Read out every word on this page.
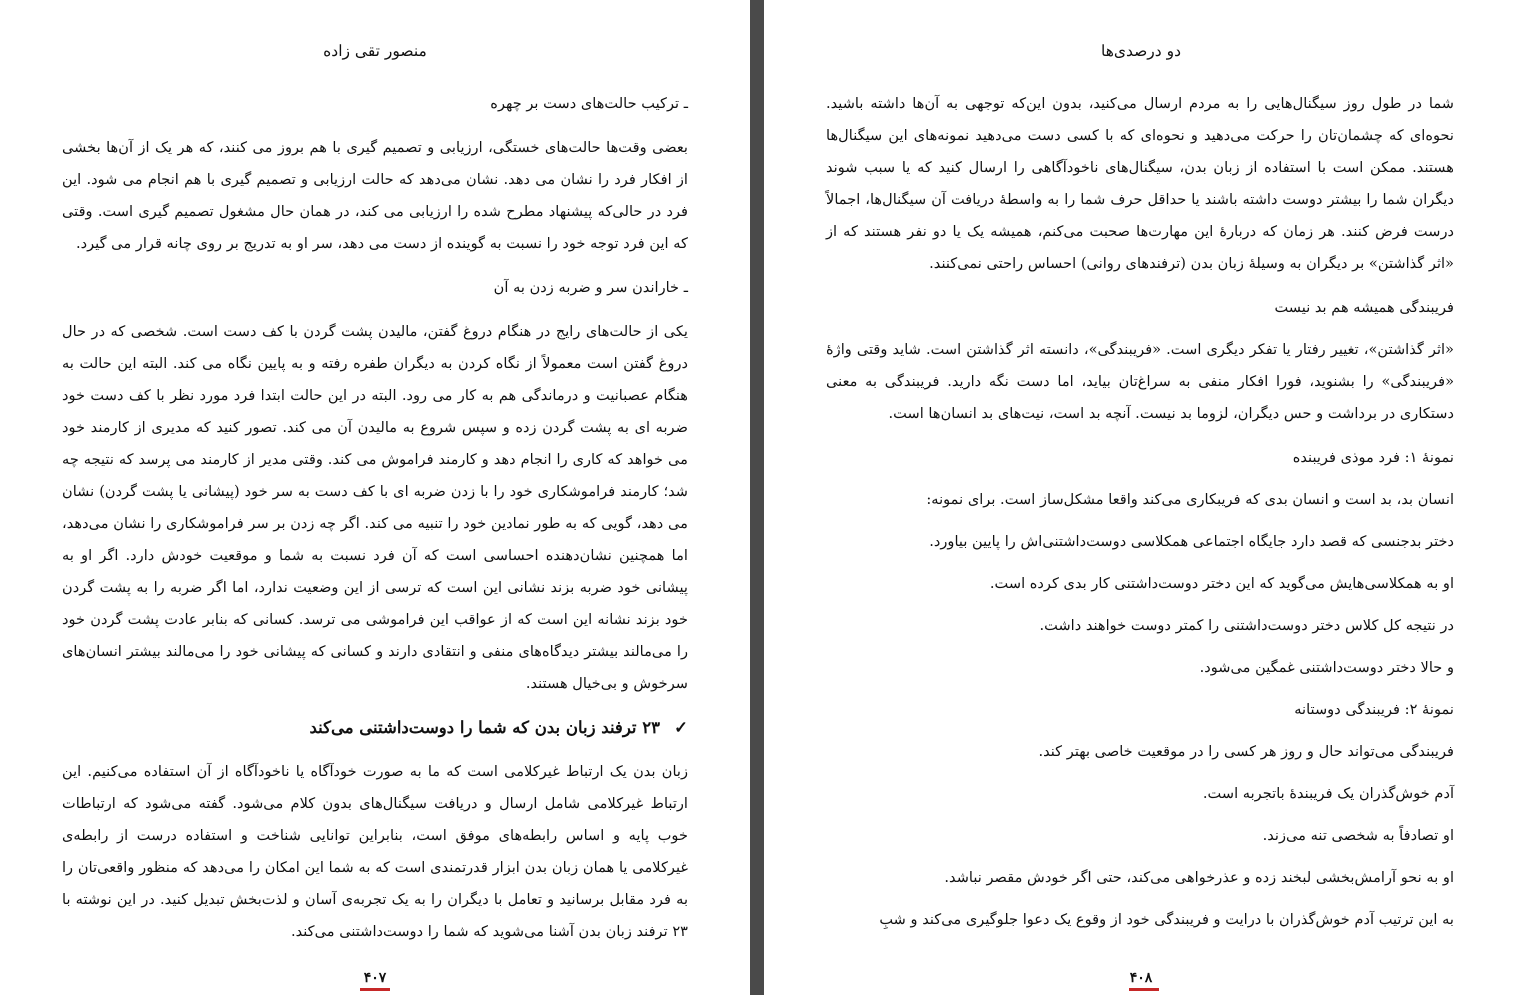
منصور تقی زاده

ـ ترکیب حالت‌های دست بر چهره

بعضی وقت‌ها حالت‌های خستگی، ارزیابی و تصمیم گیری با هم بروز می کنند، که هر یک از آن‌ها بخشی از افکار فرد را نشان می دهد. نشان می‌دهد که حالت ارزیابی و تصمیم گیری با هم انجام می شود. این فرد در حالی‌که پیشنهاد مطرح شده را ارزیابی می کند، در همان حال مشغول تصمیم گیری است. وقتی که این فرد توجه خود را نسبت به گوینده از دست می دهد، سر او به تدریج بر روی چانه قرار می گیرد.

ـ خاراندن سر و ضربه زدن به آن

یکی از حالت‌های رایج در هنگام دروغ گفتن، مالیدن پشت گردن با کف دست است. شخصی که در حال دروغ گفتن است معمولاً از نگاه کردن به دیگران طفره رفته و به پایین نگاه می کند. البته این حالت به هنگام عصبانیت و درماندگی هم به کار می رود. البته در این حالت ابتدا فرد مورد نظر با کف دست خود ضربه ای به پشت گردن زده و سپس شروع به مالیدن آن می کند. تصور کنید که مدیری از کارمند خود می خواهد که کاری را انجام دهد و کارمند فراموش می کند. وقتی مدیر از کارمند می پرسد که نتیجه چه شد؛ کارمند فراموشکاری خود را با زدن ضربه ای با کف دست به سر خود (پیشانی یا پشت گردن) نشان می دهد، گویی که به طور نمادین خود را تنبیه می کند. اگر چه زدن بر سر فراموشکاری را نشان می‌دهد، اما همچنین نشان‌دهنده احساسی است که آن فرد نسبت به شما و موقعیت خودش دارد. اگر او به پیشانی خود ضربه بزند نشانی این است که ترسی از این وضعیت ندارد، اما اگر ضربه را به پشت گردن خود بزند نشانه این است که از عواقب این فراموشی می ترسد. کسانی که بنابر عادت پشت گردن خود را می‌مالند بیشتر دیدگاه‌های منفی و انتقادی دارند و کسانی که پیشانی خود را می‌مالند بیشتر انسان‌های سرخوش و بی‌خیال هستند.

✓۲۳ ترفند زبان بدن که شما را دوست‌داشتنی می‌کند

زبان بدن یک ارتباط غیرکلامی است که ما به صورت خودآگاه یا ناخودآگاه از آن استفاده می‌کنیم. این ارتباط غیرکلامی شامل ارسال و دریافت سیگنال‌های بدون کلام می‌شود. گفته می‌شود که ارتباطات خوب پایه و اساس رابطه‌های موفق است، بنابراین توانایی شناخت و استفاده درست از رابطه‌ی غیرکلامی یا همان زبان بدن ابزار قدرتمندی است که به شما این امکان را می‌دهد که منظور واقعی‌تان را به فرد مقابل برسانید و تعامل با دیگران را به یک تجربه‌ی آسان و لذت‌بخش تبدیل کنید. در این نوشته با ۲۳ ترفند زبان بدن آشنا می‌شوید که شما را دوست‌داشتنی می‌کند.

۴۰۷
دو درصدی‌ها

شما در طول روز سیگنال‌هایی را به مردم ارسال می‌کنید، بدون این‌که توجهی به آن‌ها داشته باشید. نحوه‌ای که چشمان‌تان را حرکت می‌دهید و نحوه‌ای که با کسی دست می‌دهید نمونه‌های این سیگنال‌ها هستند. ممکن است با استفاده از زبان بدن، سیگنال‌های ناخودآگاهی را ارسال کنید که یا سبب شوند دیگران شما را بیشتر دوست داشته باشند یا حداقل حرف شما را به واسطهٔ دریافت آن سیگنال‌ها، اجمالاً درست فرض کنند. هر زمان که دربارهٔ این مهارت‌ها صحبت می‌کنم، همیشه یک یا دو نفر هستند که از «اثر گذاشتن» بر دیگران به وسیلهٔ زبان بدن (ترفندهای روانی) احساس راحتی نمی‌کنند.

فریبندگی همیشه هم بد نیست

«اثر گذاشتن»، تغییر رفتار یا تفکر دیگری است. «فریبندگی»، دانسته اثر گذاشتن است. شاید وقتی واژهٔ «فریبندگی» را بشنوید، فورا افکار منفی به سراغ‌تان بیاید، اما دست نگه دارید. فریبندگی به معنی دستکاری در برداشت و حس دیگران، لزوما بد نیست. آنچه بد است، نیت‌های بد انسان‌ها است.

نمونهٔ ۱: فرد موذی فریبنده

انسان بد، بد است و انسان بدی که فریبکاری می‌کند واقعا مشکل‌ساز است. برای نمونه:

دختر بدجنسی که قصد دارد جایگاه اجتماعی همکلاسی دوست‌داشتنی‌اش را پایین بیاورد.

او به همکلاسی‌هایش می‌گوید که این دختر دوست‌داشتنی کار بدی کرده است.

در نتیجه کل کلاس دختر دوست‌داشتنی را کمتر دوست خواهند داشت.

و حالا دختر دوست‌داشتنی غمگین می‌شود.

نمونهٔ ۲: فریبندگی دوستانه

فریبندگی می‌تواند حال و روز هر کسی را در موقعیت خاصی بهتر کند.

آدم خوش‌گذران یک فریبندهٔ باتجربه است.

او تصادفاً به شخصی تنه می‌زند.

او به نحو آرامش‌بخشی لبخند زده و عذرخواهی می‌کند، حتی اگر خودش مقصر نباشد.

به این ترتیب آدم خوش‌گذران با درایت و فریبندگی خود از وقوع یک دعوا جلوگیری می‌کند و شبِ

۴۰۸
